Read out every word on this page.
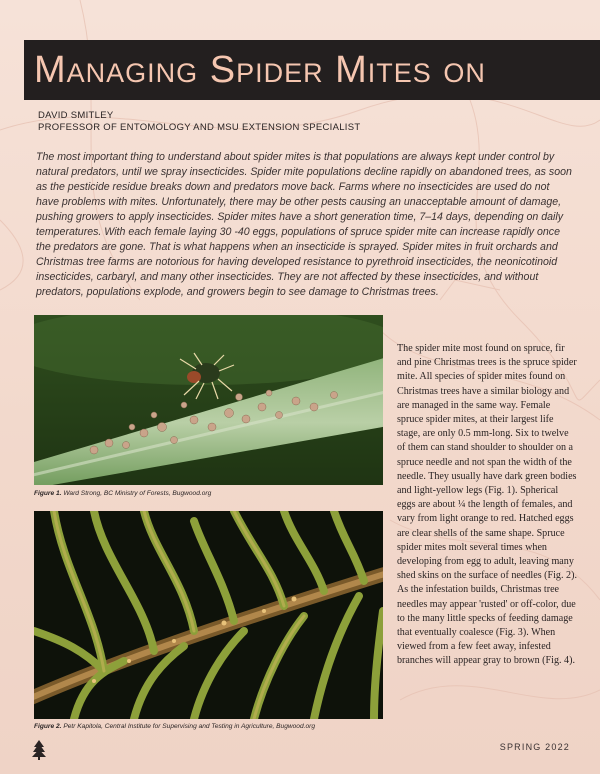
Managing Spider Mites on
DAVID SMITLEY
PROFESSOR OF ENTOMOLOGY AND MSU EXTENSION SPECIALIST

The most important thing to understand about spider mites is that populations are always kept under control by natural predators, until we spray insecticides. Spider mite populations decline rapidly on abandoned trees, as soon as the pesticide residue breaks down and predators move back. Farms where no insecticides are used do not have problems with mites. Unfortunately, there may be other pests causing an unacceptable amount of damage, pushing growers to apply insecticides. Spider mites have a short generation time, 7–14 days, depending on daily temperatures. With each female laying 30 -40 eggs, populations of spruce spider mite can increase rapidly once the predators are gone. That is what happens when an insecticide is sprayed. Spider mites in fruit orchards and Christmas tree farms are notorious for having developed resistance to pyrethroid insecticides, the neonicotinoid insecticides, carbaryl, and many other insecticides. They are not affected by these insecticides, and without predators, populations explode, and growers begin to see damage to Christmas trees.

Figure 1. Ward Strong, BC Ministry of Forests, Bugwood.org
Figure 2. Petr Kapitola, Central Institute for Supervising and Testing in Agriculture, Bugwood.org

The spider mite most found on spruce, fir and pine Christmas trees is the spruce spider mite. All species of spider mites found on Christmas trees have a similar biology and are managed in the same way. Female spruce spider mites, at their largest life stage, are only 0.5 mm-long. Six to twelve of them can stand shoulder to shoulder on a spruce needle and not span the width of the needle. They usually have dark green bodies and light-yellow legs (Fig. 1). Spherical eggs are about ¼ the length of females, and vary from light orange to red. Hatched eggs are clear shells of the same shape. Spruce spider mites molt several times when developing from egg to adult, leaving many shed skins on the surface of needles (Fig. 2). As the infestation builds, Christmas tree needles may appear 'rusted' or off-color, due to the many little specks of feeding damage that eventually coalesce (Fig. 3). When viewed from a few feet away, infested branches will appear gray to brown (Fig. 4).

SPRING 2022
